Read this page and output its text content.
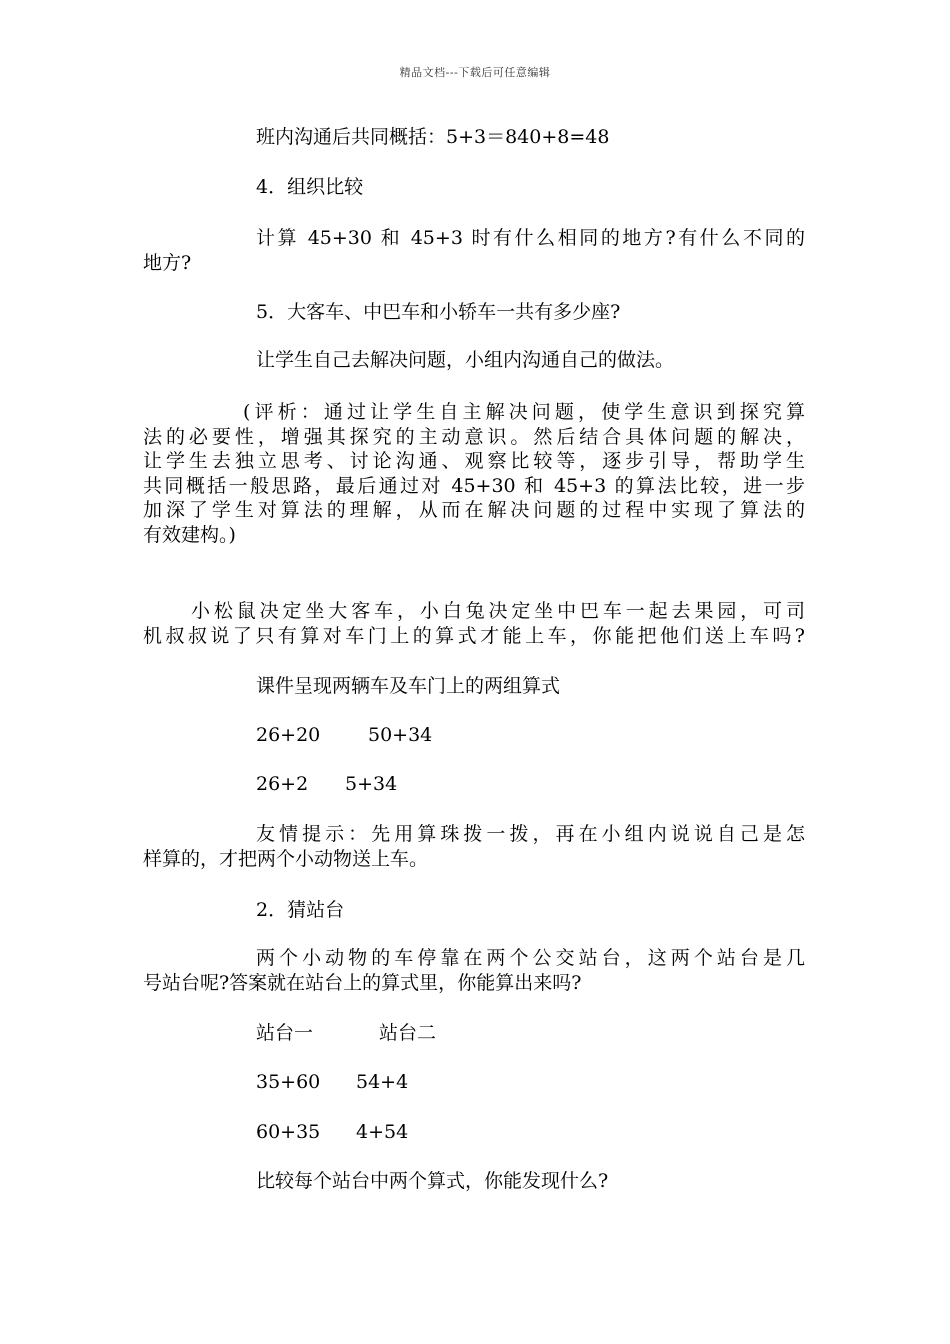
精品文档---下载后可任意编辑
班内沟通后共同概括：5+3＝840+8=48
4．组织比较
计算 45+30 和 45+3 时有什么相同的地方?有什么不同的
地方?
5．大客车、中巴车和小轿车一共有多少座?
让学生自己去解决问题，小组内沟通自己的做法。
(评析：通过让学生自主解决问题，使学生意识到探究算
法的必要性，增强其探究的主动意识。然后结合具体问题的解决，
让学生去独立思考、讨论沟通、观察比较等，逐步引导，帮助学生
共同概括一般思路，最后通过对 45+30 和 45+3 的算法比较，进一步
加深了学生对算法的理解，从而在解决问题的过程中实现了算法的
有效建构。)
小松鼠决定坐大客车，小白兔决定坐中巴车一起去果园，可司
机叔叔说了只有算对车门上的算式才能上车，你能把他们送上车吗?
课件呈现两辆车及车门上的两组算式
26+20	50+34
26+2 5+34
友情提示：先用算珠拨一拨，再在小组内说说自己是怎
样算的，才把两个小动物送上车。
2．猜站台
两个小动物的车停靠在两个公交站台，这两个站台是几
号站台呢?答案就在站台上的算式里，你能算出来吗?
站台一	站台二
35+60 54+4
60+35 4+54
比较每个站台中两个算式，你能发现什么?
